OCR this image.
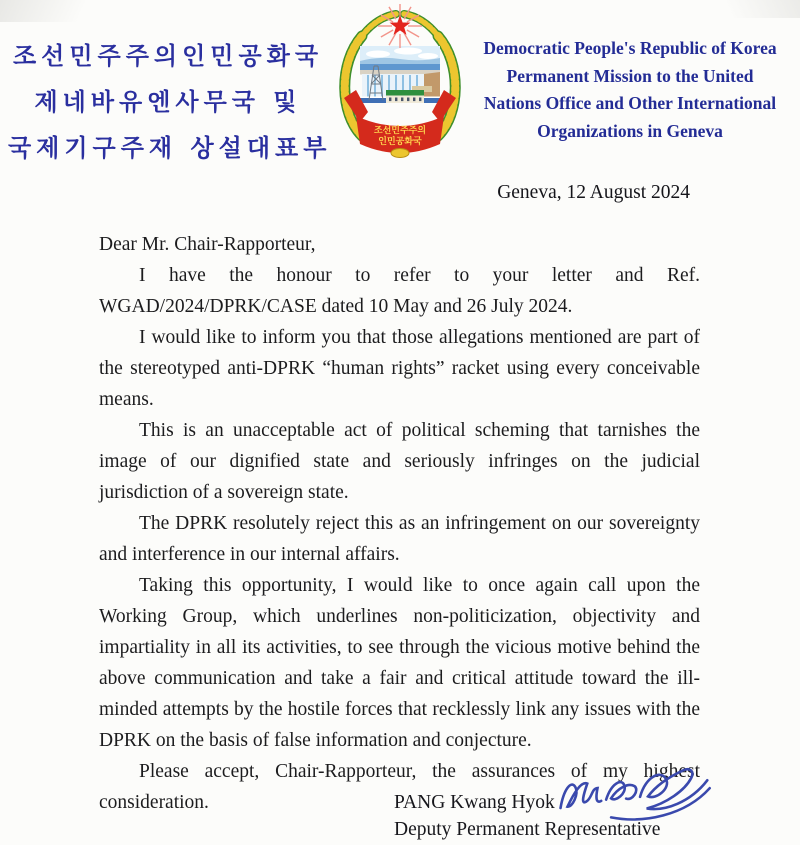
조선민주주의인민공화국
제네바유엔사무국 및
국제기구주재 상설대표부
조선민주주의
인민공화국
Democratic People's Republic of Korea
Permanent Mission to the United
Nations Office and Other International
Organizations in Geneva
Geneva, 12 August 2024

Dear Mr. Chair-Rapporteur,

I have the honour to refer to your letter and Ref. WGAD/2024/DPRK/CASE dated 10 May and 26 July 2024.

I would like to inform you that those allegations mentioned are part of the stereotyped anti-DPRK “human rights” racket using every conceivable means.

This is an unacceptable act of political scheming that tarnishes the image of our dignified state and seriously infringes on the judicial jurisdiction of a sovereign state.

The DPRK resolutely reject this as an infringement on our sovereignty and interference in our internal affairs.

Taking this opportunity, I would like to once again call upon the Working Group, which underlines non-politicization, objectivity and impartiality in all its activities, to see through the vicious motive behind the above communication and take a fair and critical attitude toward the ill-minded attempts by the hostile forces that recklessly link any issues with the DPRK on the basis of false information and conjecture.

Please accept, Chair-Rapporteur, the assurances of my highest consideration.	PANG Kwang Hyok
Deputy Permanent Representative
